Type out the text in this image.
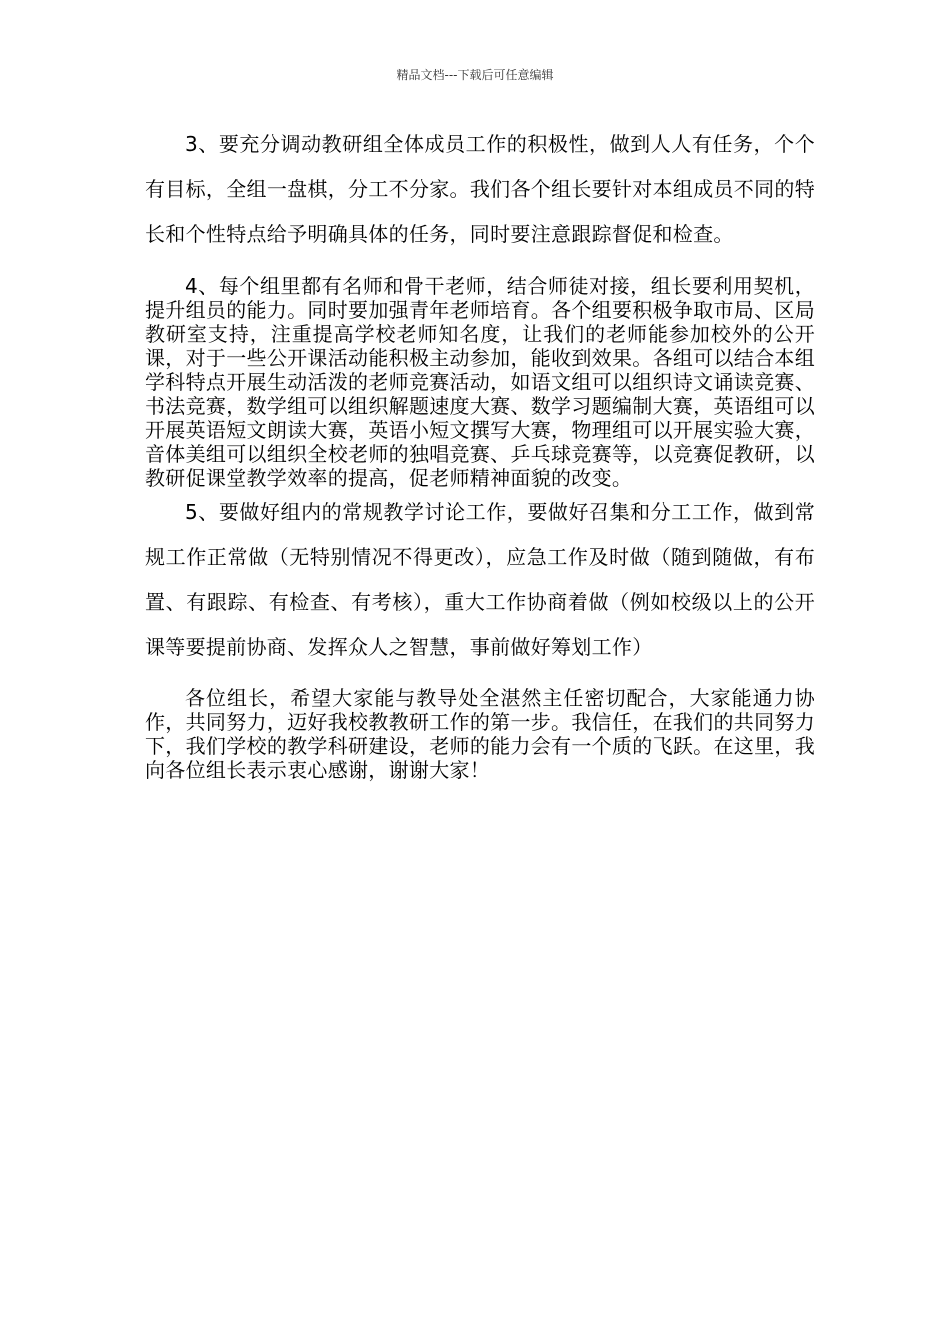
精品文档---下载后可任意编辑

3、要充分调动教研组全体成员工作的积极性，做到人人有任务，个个有目标，全组一盘棋，分工不分家。我们各个组长要针对本组成员不同的特长和个性特点给予明确具体的任务，同时要注意跟踪督促和检查。

4、每个组里都有名师和骨干老师，结合师徒对接，组长要利用契机，提升组员的能力。同时要加强青年老师培育。各个组要积极争取市局、区局教研室支持，注重提高学校老师知名度，让我们的老师能参加校外的公开课，对于一些公开课活动能积极主动参加，能收到效果。各组可以结合本组学科特点开展生动活泼的老师竞赛活动，如语文组可以组织诗文诵读竞赛、书法竞赛，数学组可以组织解题速度大赛、数学习题编制大赛，英语组可以开展英语短文朗读大赛，英语小短文撰写大赛，物理组可以开展实验大赛，音体美组可以组织全校老师的独唱竞赛、乒乓球竞赛等，以竞赛促教研，以教研促课堂教学效率的提高，促老师精神面貌的改变。

5、要做好组内的常规教学讨论工作，要做好召集和分工工作，做到常规工作正常做（无特别情况不得更改），应急工作及时做（随到随做，有布置、有跟踪、有检查、有考核），重大工作协商着做（例如校级以上的公开课等要提前协商、发挥众人之智慧，事前做好筹划工作）

各位组长，希望大家能与教导处全湛然主任密切配合，大家能通力协作，共同努力，迈好我校教教研工作的第一步。我信任，在我们的共同努力下，我们学校的教学科研建设，老师的能力会有一个质的飞跃。在这里，我向各位组长表示衷心感谢，谢谢大家！
